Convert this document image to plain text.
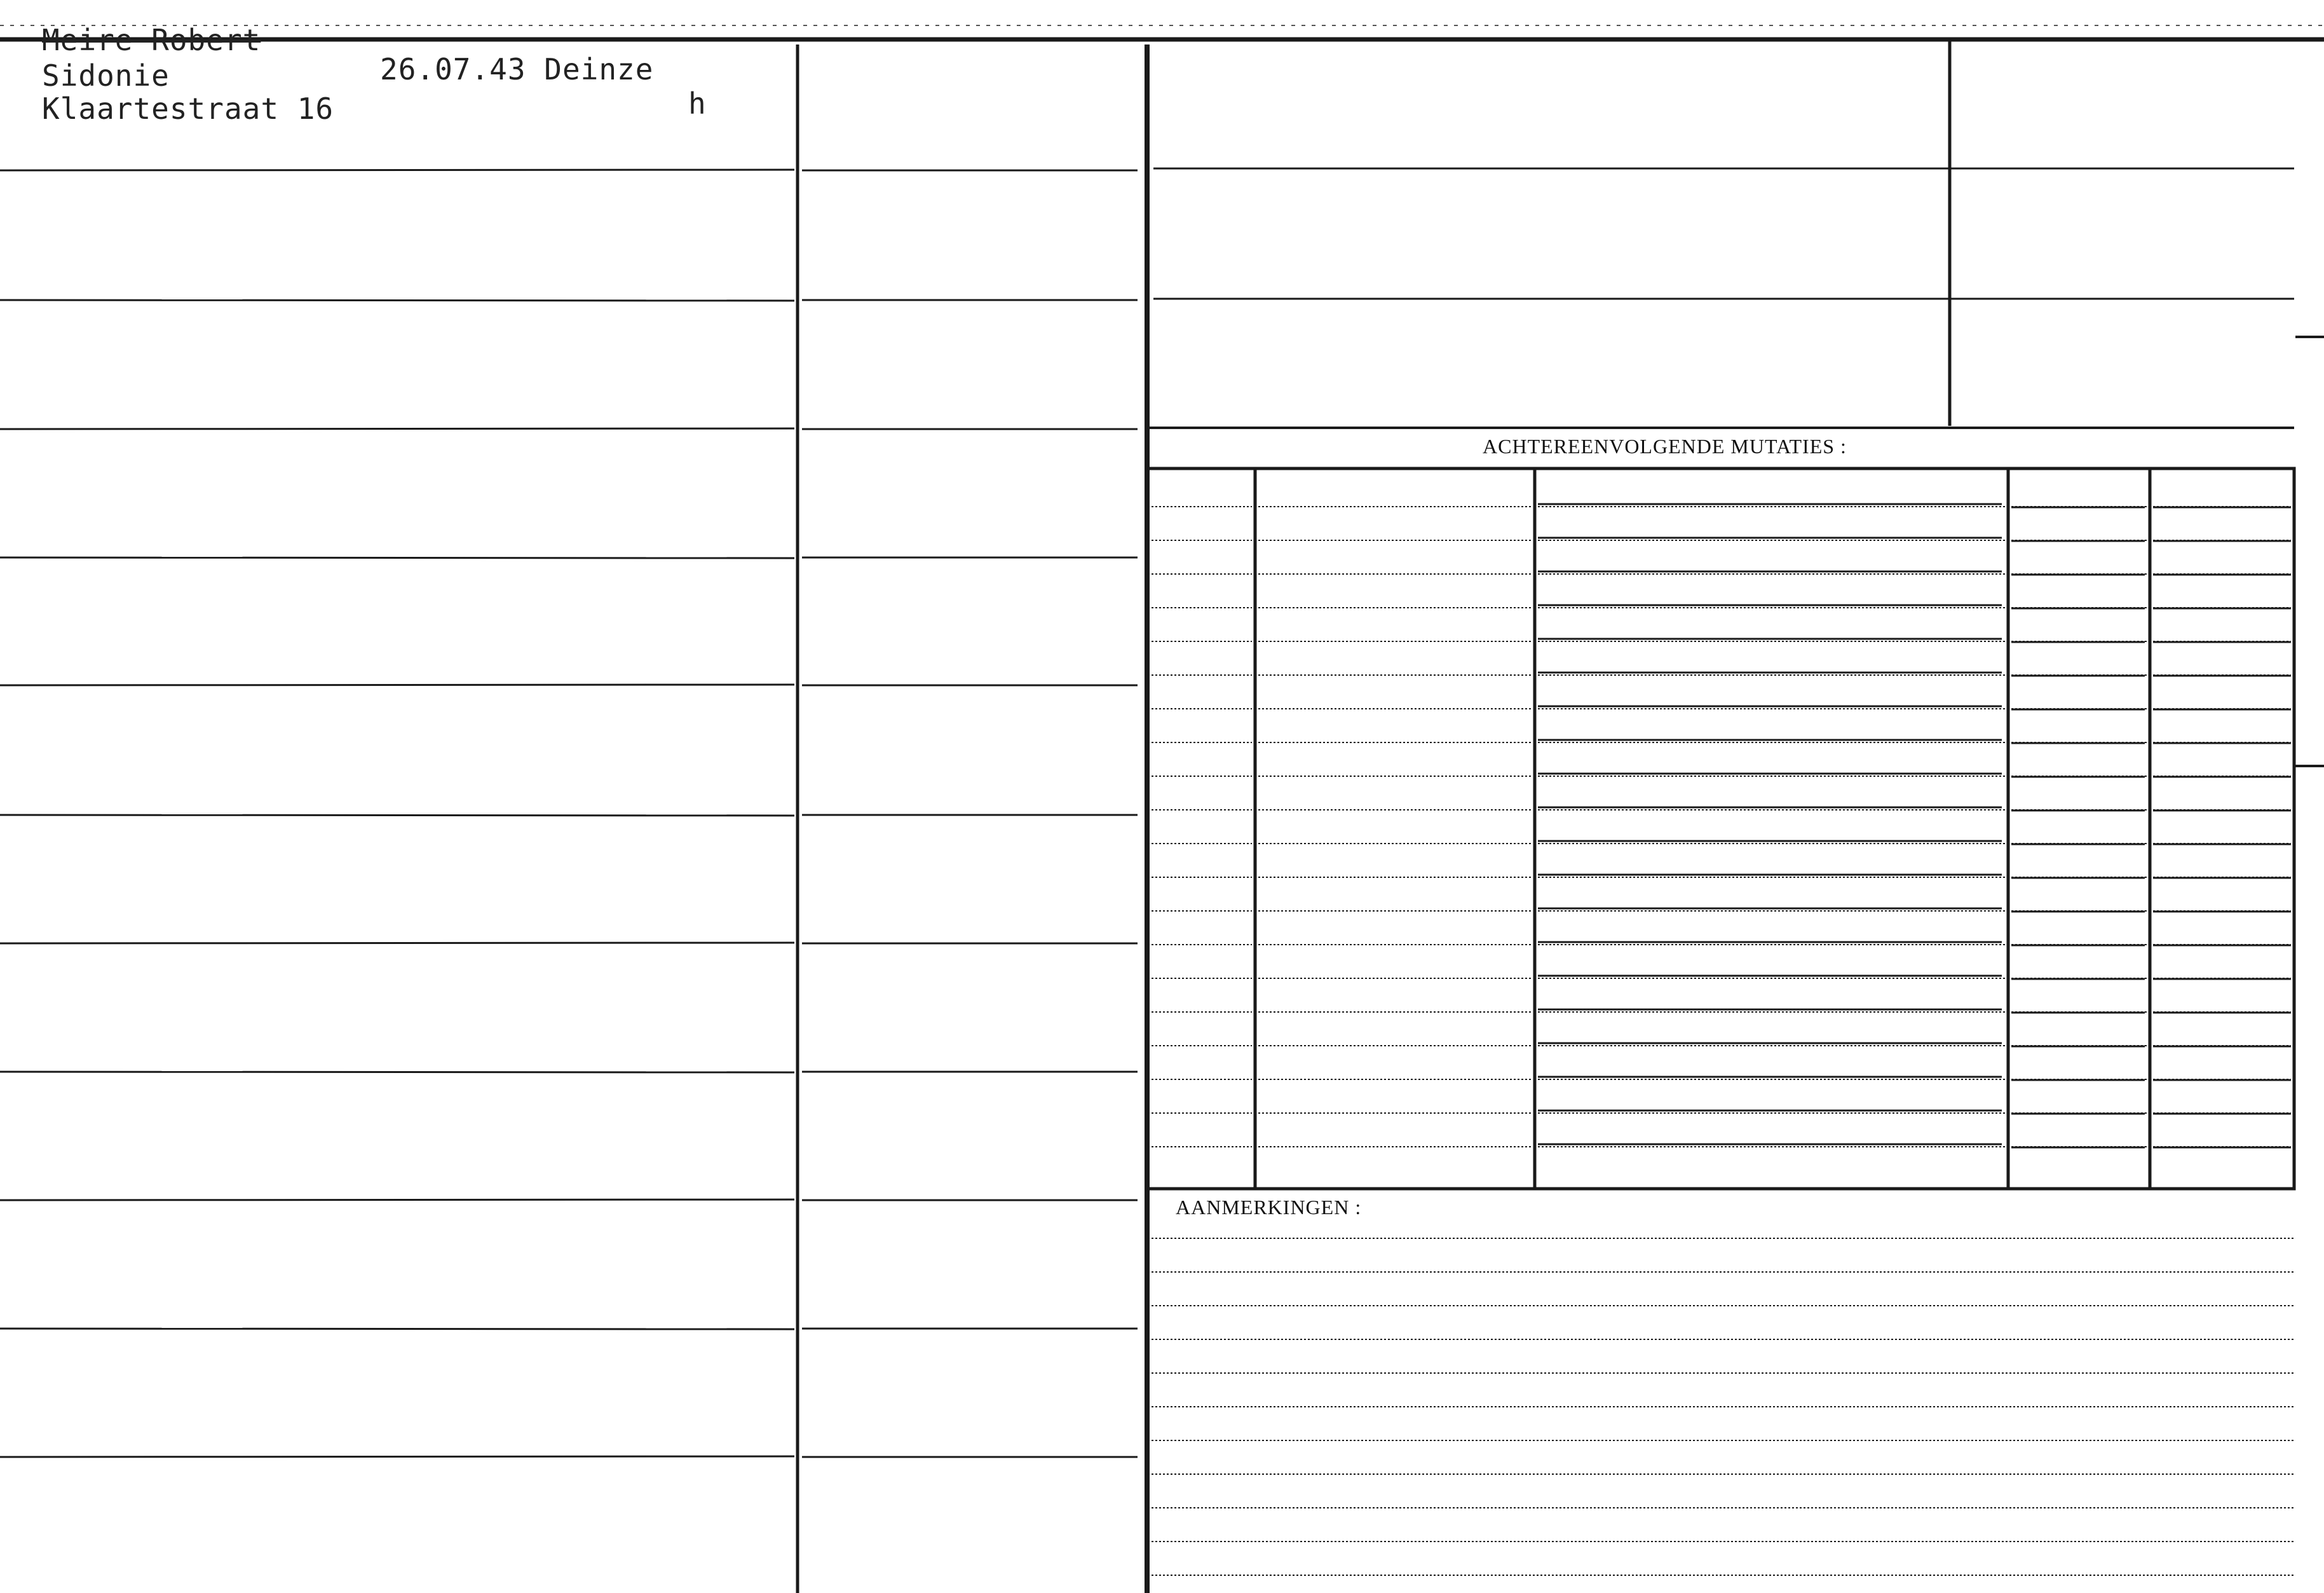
Meire Robert
Sidonie
Klaartestraat 16
26.07.43 Deinze
h
ACHTEREENVOLGENDE MUTATIES :
AANMERKINGEN :
